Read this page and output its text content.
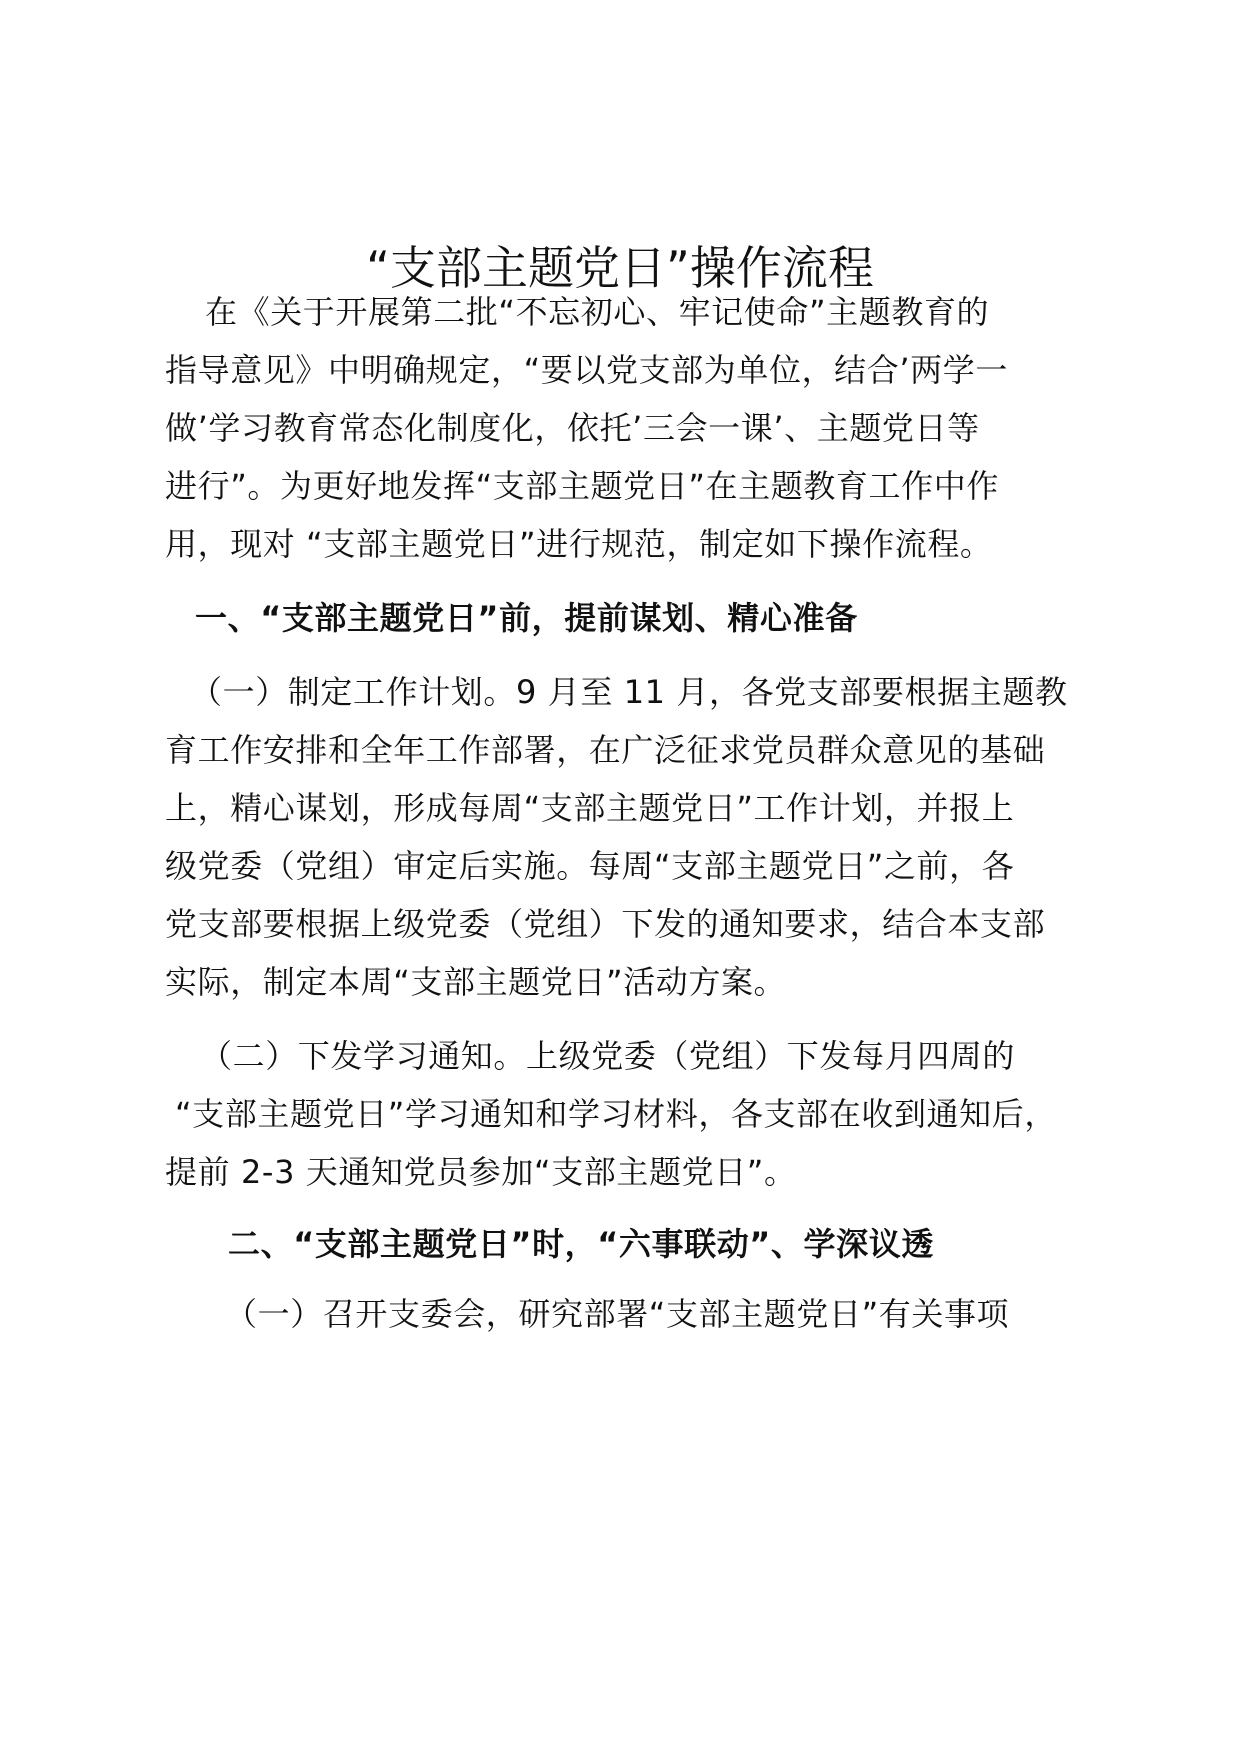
“支部主题党日”操作流程
在《关于开展第二批“不忘初心、牢记使命”主题教育的
指导意见》中明确规定，“要以党支部为单位，结合’两学一
做’学习教育常态化制度化，依托’三会一课’、主题党日等
进行”。为更好地发挥“支部主题党日”在主题教育工作中作
用，现对 “支部主题党日”进行规范，制定如下操作流程。
一、“支部主题党日”前，提前谋划、精心准备
（一）制定工作计划。9 月至 11 月，各党支部要根据主题教
育工作安排和全年工作部署，在广泛征求党员群众意见的基础
上，精心谋划，形成每周“支部主题党日”工作计划，并报上
级党委（党组）审定后实施。每周“支部主题党日”之前，各
党支部要根据上级党委（党组）下发的通知要求，结合本支部
实际，制定本周“支部主题党日”活动方案。
（二）下发学习通知。上级党委（党组）下发每月四周的
“支部主题党日”学习通知和学习材料，各支部在收到通知后，
提前 2-3 天通知党员参加“支部主题党日”。
二、“支部主题党日”时，“六事联动”、学深议透
（一）召开支委会，研究部署“支部主题党日”有关事项
